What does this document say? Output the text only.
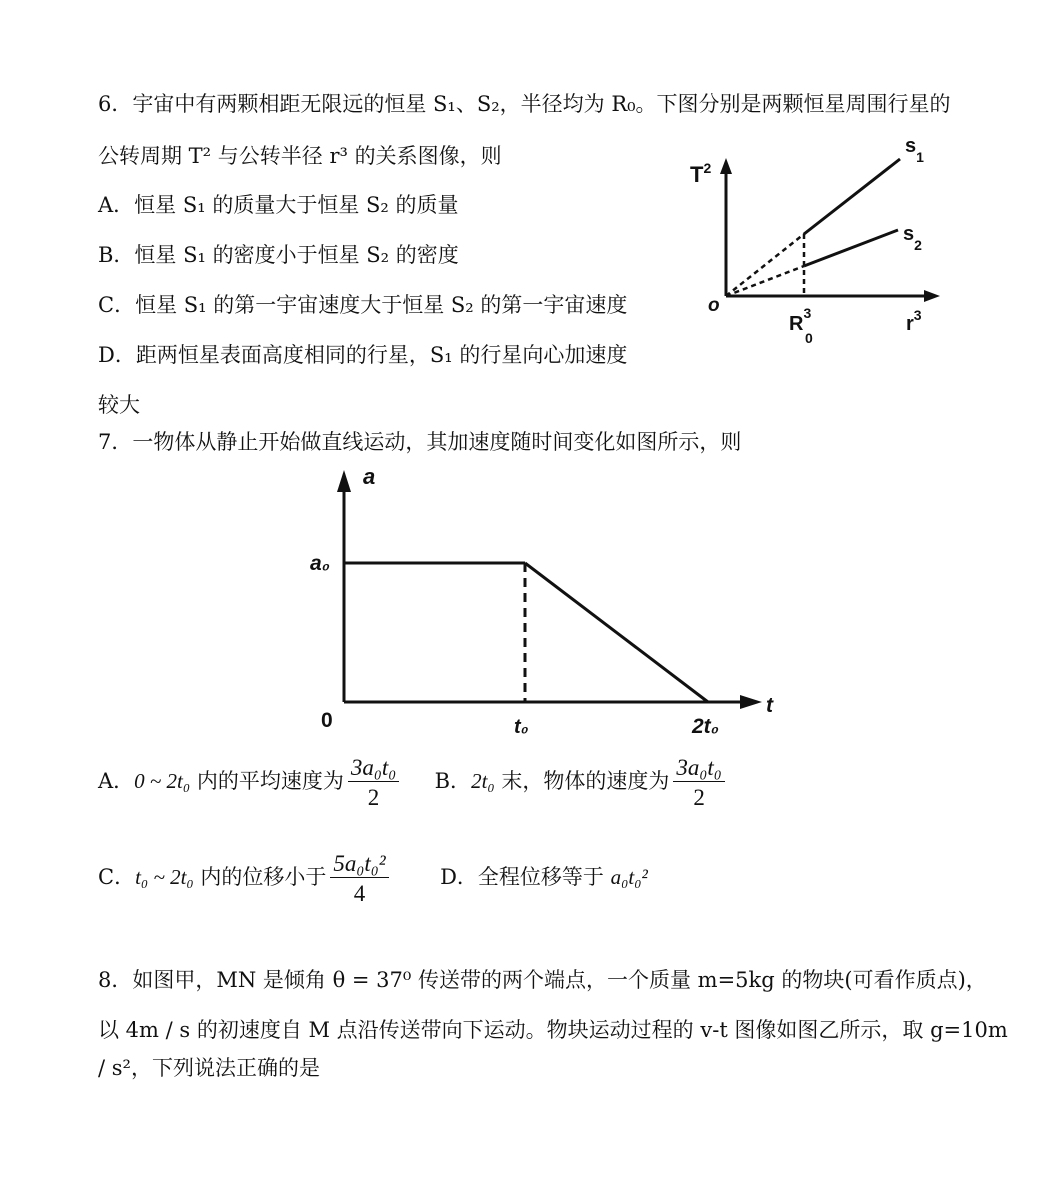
6．宇宙中有两颗相距无限远的恒星 S₁、S₂，半径均为 R₀。下图分别是两颗恒星周围行星的
公转周期 T² 与公转半径 r³ 的关系图像，则
A．恒星 S₁ 的质量大于恒星 S₂ 的质量
B．恒星 S₁ 的密度小于恒星 S₂ 的密度
C．恒星 S₁ 的第一宇宙速度大于恒星 S₂ 的第一宇宙速度
D．距两恒星表面高度相同的行星，S₁ 的行星向心加速度
较大
$T^2$
o
$R^3$
0
$r^3$
$s_1$
$s_2$
7．一物体从静止开始做直线运动，其加速度随时间变化如图所示，则
a
a₀
0	t₀	2t₀
t
A．0 ~ 2t₀ 内的平均速度为 $\frac{\text{3a₀t₀}}{2}$ B．2t₀ 末，物体的速度为 $\frac{\text{3a₀t₀}}{2}$
C．t₀ ~ 2t₀ 内的位移小于 $\frac{\text{5a₀t₀²}}{4}$ D．全程位移等于 a₀t₀²
8．如图甲，MN 是倾角 θ = 37⁰ 传送带的两个端点，一个质量 m=5kg 的物块(可看作质点)，
以 4m / s 的初速度自 M 点沿传送带向下运动。物块运动过程的 v-t 图像如图乙所示，取 g=10m
/ s²，下列说法正确的是
